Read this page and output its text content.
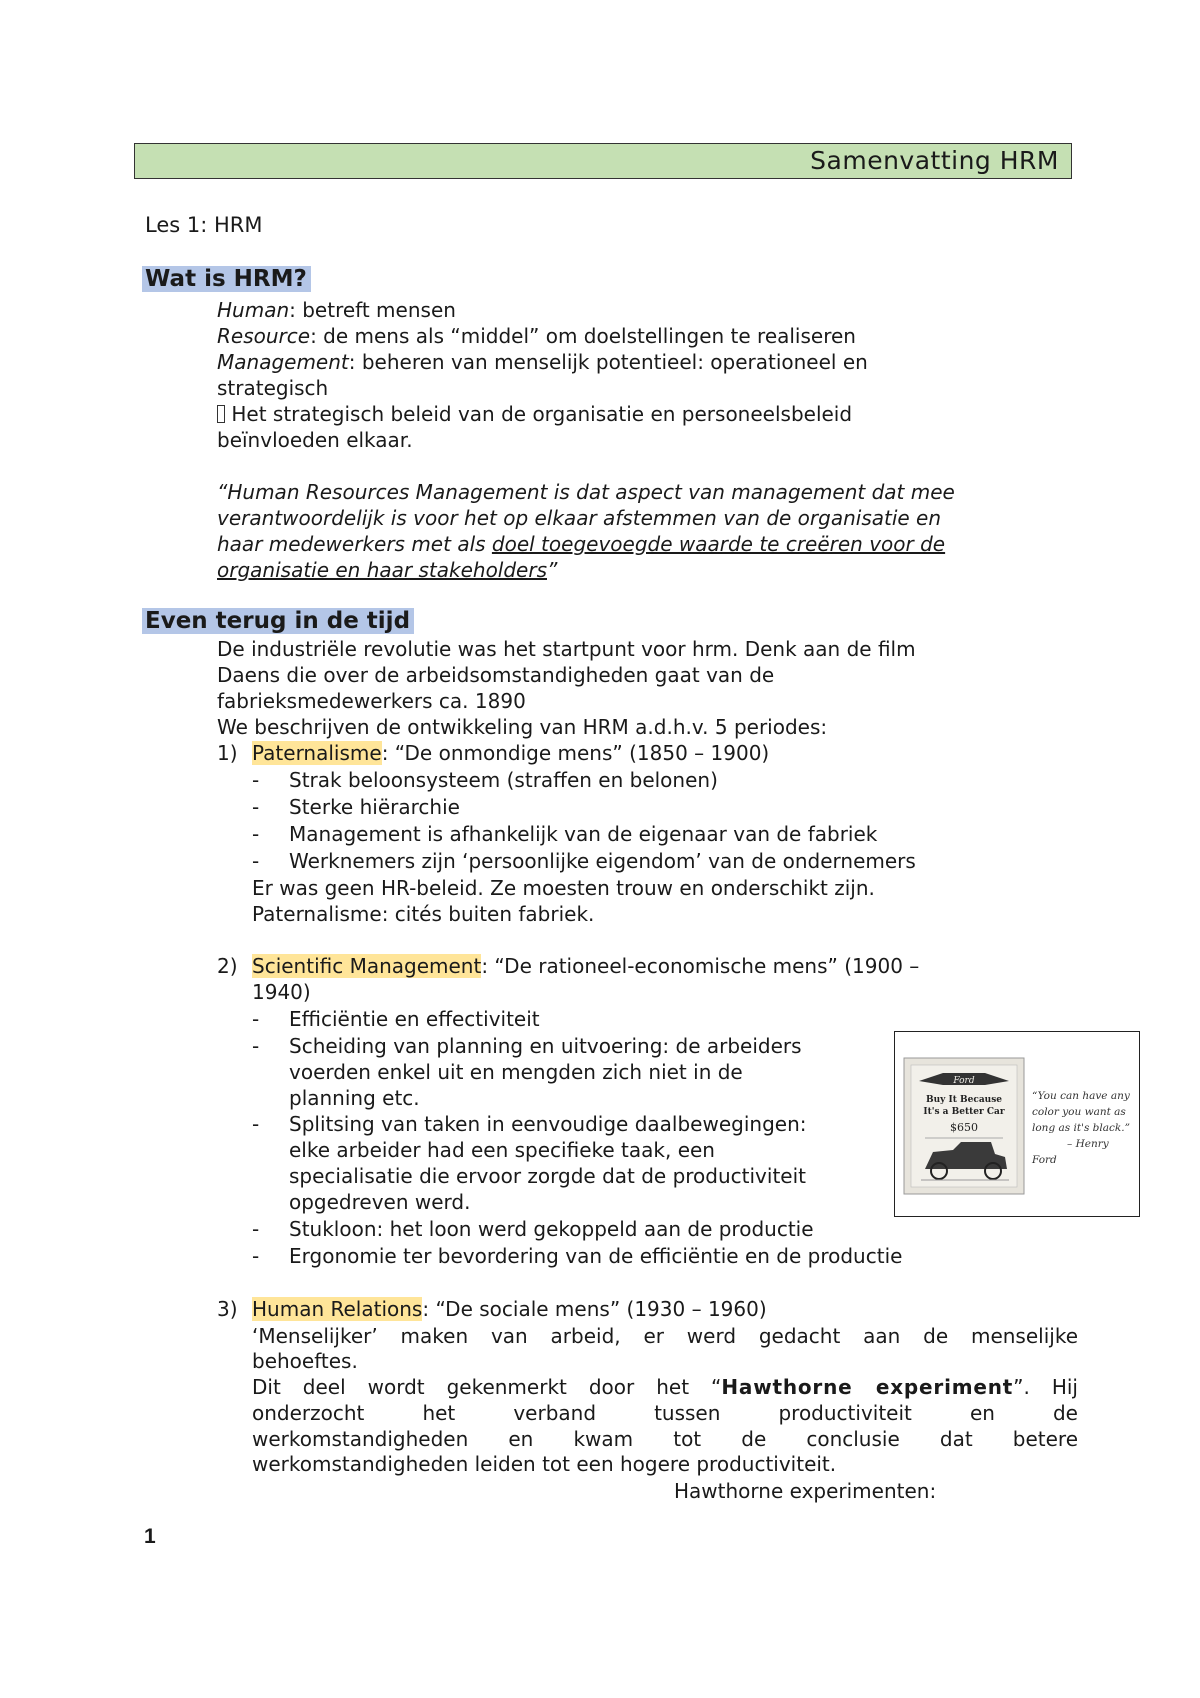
Samenvatting HRM
Les 1: HRM
Wat is HRM?
Human: betreft mensen
Resource: de mens als “middel” om doelstellingen te realiseren
Management: beheren van menselijk potentieel: operationeel en
strategisch
Het strategisch beleid van de organisatie en personeelsbeleid
beïnvloeden elkaar.
“Human Resources Management is dat aspect van management dat mee
verantwoordelijk is voor het op elkaar afstemmen van de organisatie en
haar medewerkers met als doel toegevoegde waarde te creëren voor de
organisatie en haar stakeholders”
Even terug in de tijd
De industriële revolutie was het startpunt voor hrm. Denk aan de film
Daens die over de arbeidsomstandigheden gaat van de
fabrieksmedewerkers ca. 1890
We beschrijven de ontwikkeling van HRM a.d.h.v. 5 periodes:
1) Paternalisme: “De onmondige mens” (1850 – 1900)
- Strak beloonsysteem (straffen en belonen)
- Sterke hiërarchie
- Management is afhankelijk van de eigenaar van de fabriek
- Werknemers zijn ‘persoonlijke eigendom’ van de ondernemers
Er was geen HR-beleid. Ze moesten trouw en onderschikt zijn.
Paternalisme: cités buiten fabriek.
2) Scientific Management: “De rationeel-economische mens” (1900 –
1940)
- Efficiëntie en effectiviteit
- Scheiding van planning en uitvoering: de arbeiders
voerden enkel uit en mengden zich niet in de
planning etc.
- Splitsing van taken in eenvoudige daalbewegingen:
elke arbeider had een specifieke taak, een
specialisatie die ervoor zorgde dat de productiviteit
opgedreven werd.
- Stukloon: het loon werd gekoppeld aan de productie
- Ergonomie ter bevordering van de efficiëntie en de productie
Ford
Buy It Because
It's a Better Car
$650
“You can have any
color you want as
long as it's black.”
– Henry
Ford
3) Human Relations: “De sociale mens” (1930 – 1960)
‘Menselijker’ maken van arbeid, er werd gedacht aan de menselijke
behoeftes.
Dit deel wordt gekenmerkt door het “Hawthorne experiment”. Hij
onderzocht het verband tussen productiviteit en de
werkomstandigheden en kwam tot de conclusie dat betere
werkomstandigheden leiden tot een hogere productiviteit.
Hawthorne experimenten:
1
